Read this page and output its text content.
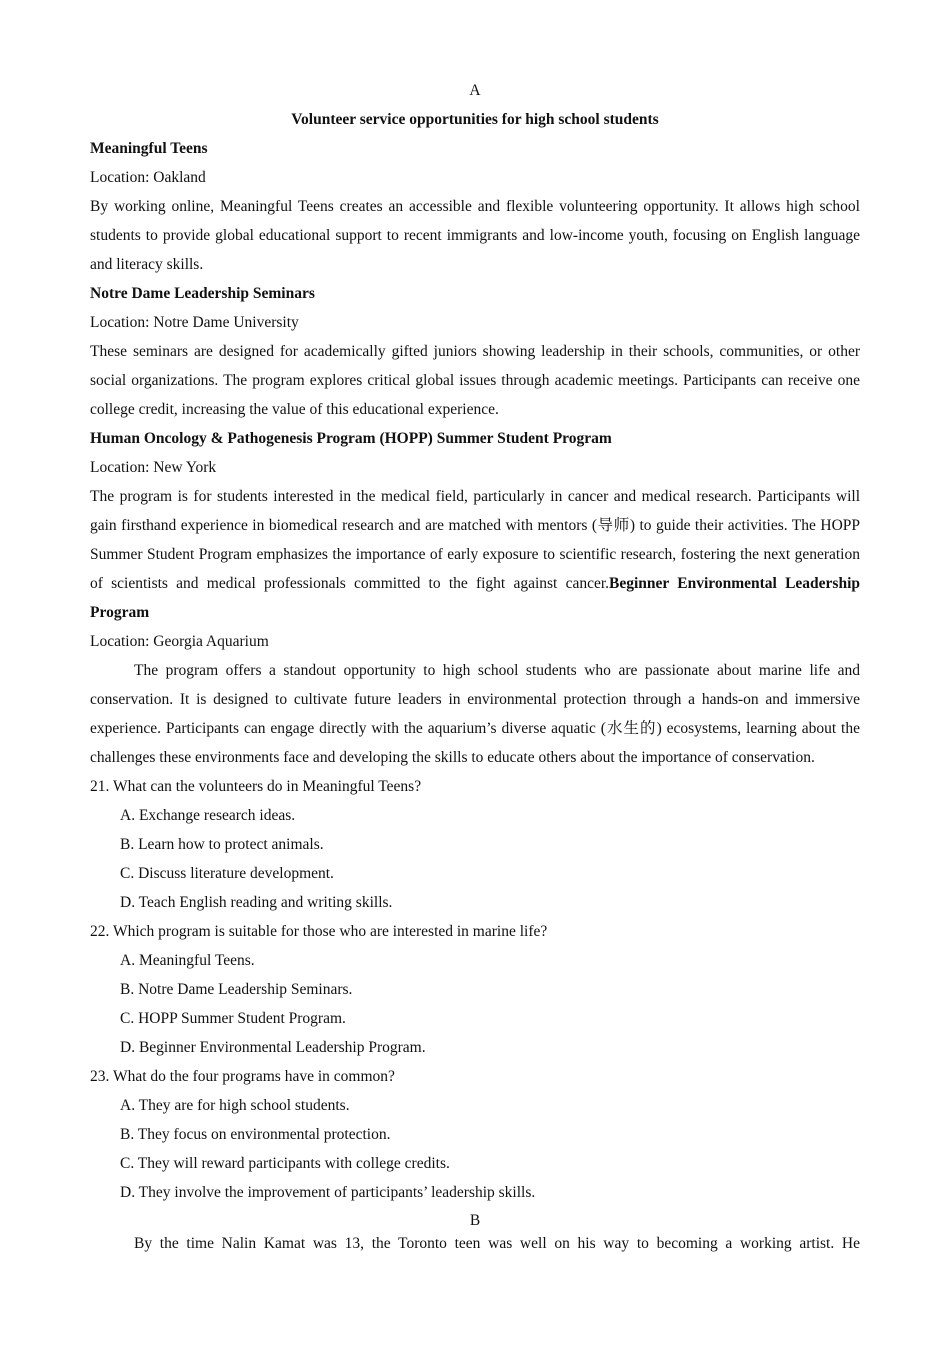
A

Volunteer service opportunities for high school students

Meaningful Teens

Location: Oakland

By working online, Meaningful Teens creates an accessible and flexible volunteering opportunity. It allows high school students to provide global educational support to recent immigrants and low-income youth, focusing on English language and literacy skills.

Notre Dame Leadership Seminars

Location: Notre Dame University

These seminars are designed for academically gifted juniors showing leadership in their schools, communities, or other social organizations. The program explores critical global issues through academic meetings. Participants can receive one college credit, increasing the value of this educational experience.

Human Oncology & Pathogenesis Program (HOPP) Summer Student Program

Location: New York

The program is for students interested in the medical field, particularly in cancer and medical research. Participants will gain firsthand experience in biomedical research and are matched with mentors (导师) to guide their activities. The HOPP Summer Student Program emphasizes the importance of early exposure to scientific research, fostering the next generation of scientists and medical professionals committed to the fight against cancer.Beginner Environmental Leadership Program

Location: Georgia Aquarium

The program offers a standout opportunity to high school students who are passionate about marine life and conservation. It is designed to cultivate future leaders in environmental protection through a hands-on and immersive experience. Participants can engage directly with the aquarium’s diverse aquatic (水生的) ecosystems, learning about the challenges these environments face and developing the skills to educate others about the importance of conservation.

21. What can the volunteers do in Meaningful Teens?

A. Exchange research ideas.

B. Learn how to protect animals.

C. Discuss literature development.

D. Teach English reading and writing skills.

22. Which program is suitable for those who are interested in marine life?

A. Meaningful Teens.

B. Notre Dame Leadership Seminars.

C. HOPP Summer Student Program.

D. Beginner Environmental Leadership Program.

23. What do the four programs have in common?

A. They are for high school students.

B. They focus on environmental protection.

C. They will reward participants with college credits.

D. They involve the improvement of participants’ leadership skills.

B

By the time Nalin Kamat was 13, the Toronto teen was well on his way to becoming a working artist. He
